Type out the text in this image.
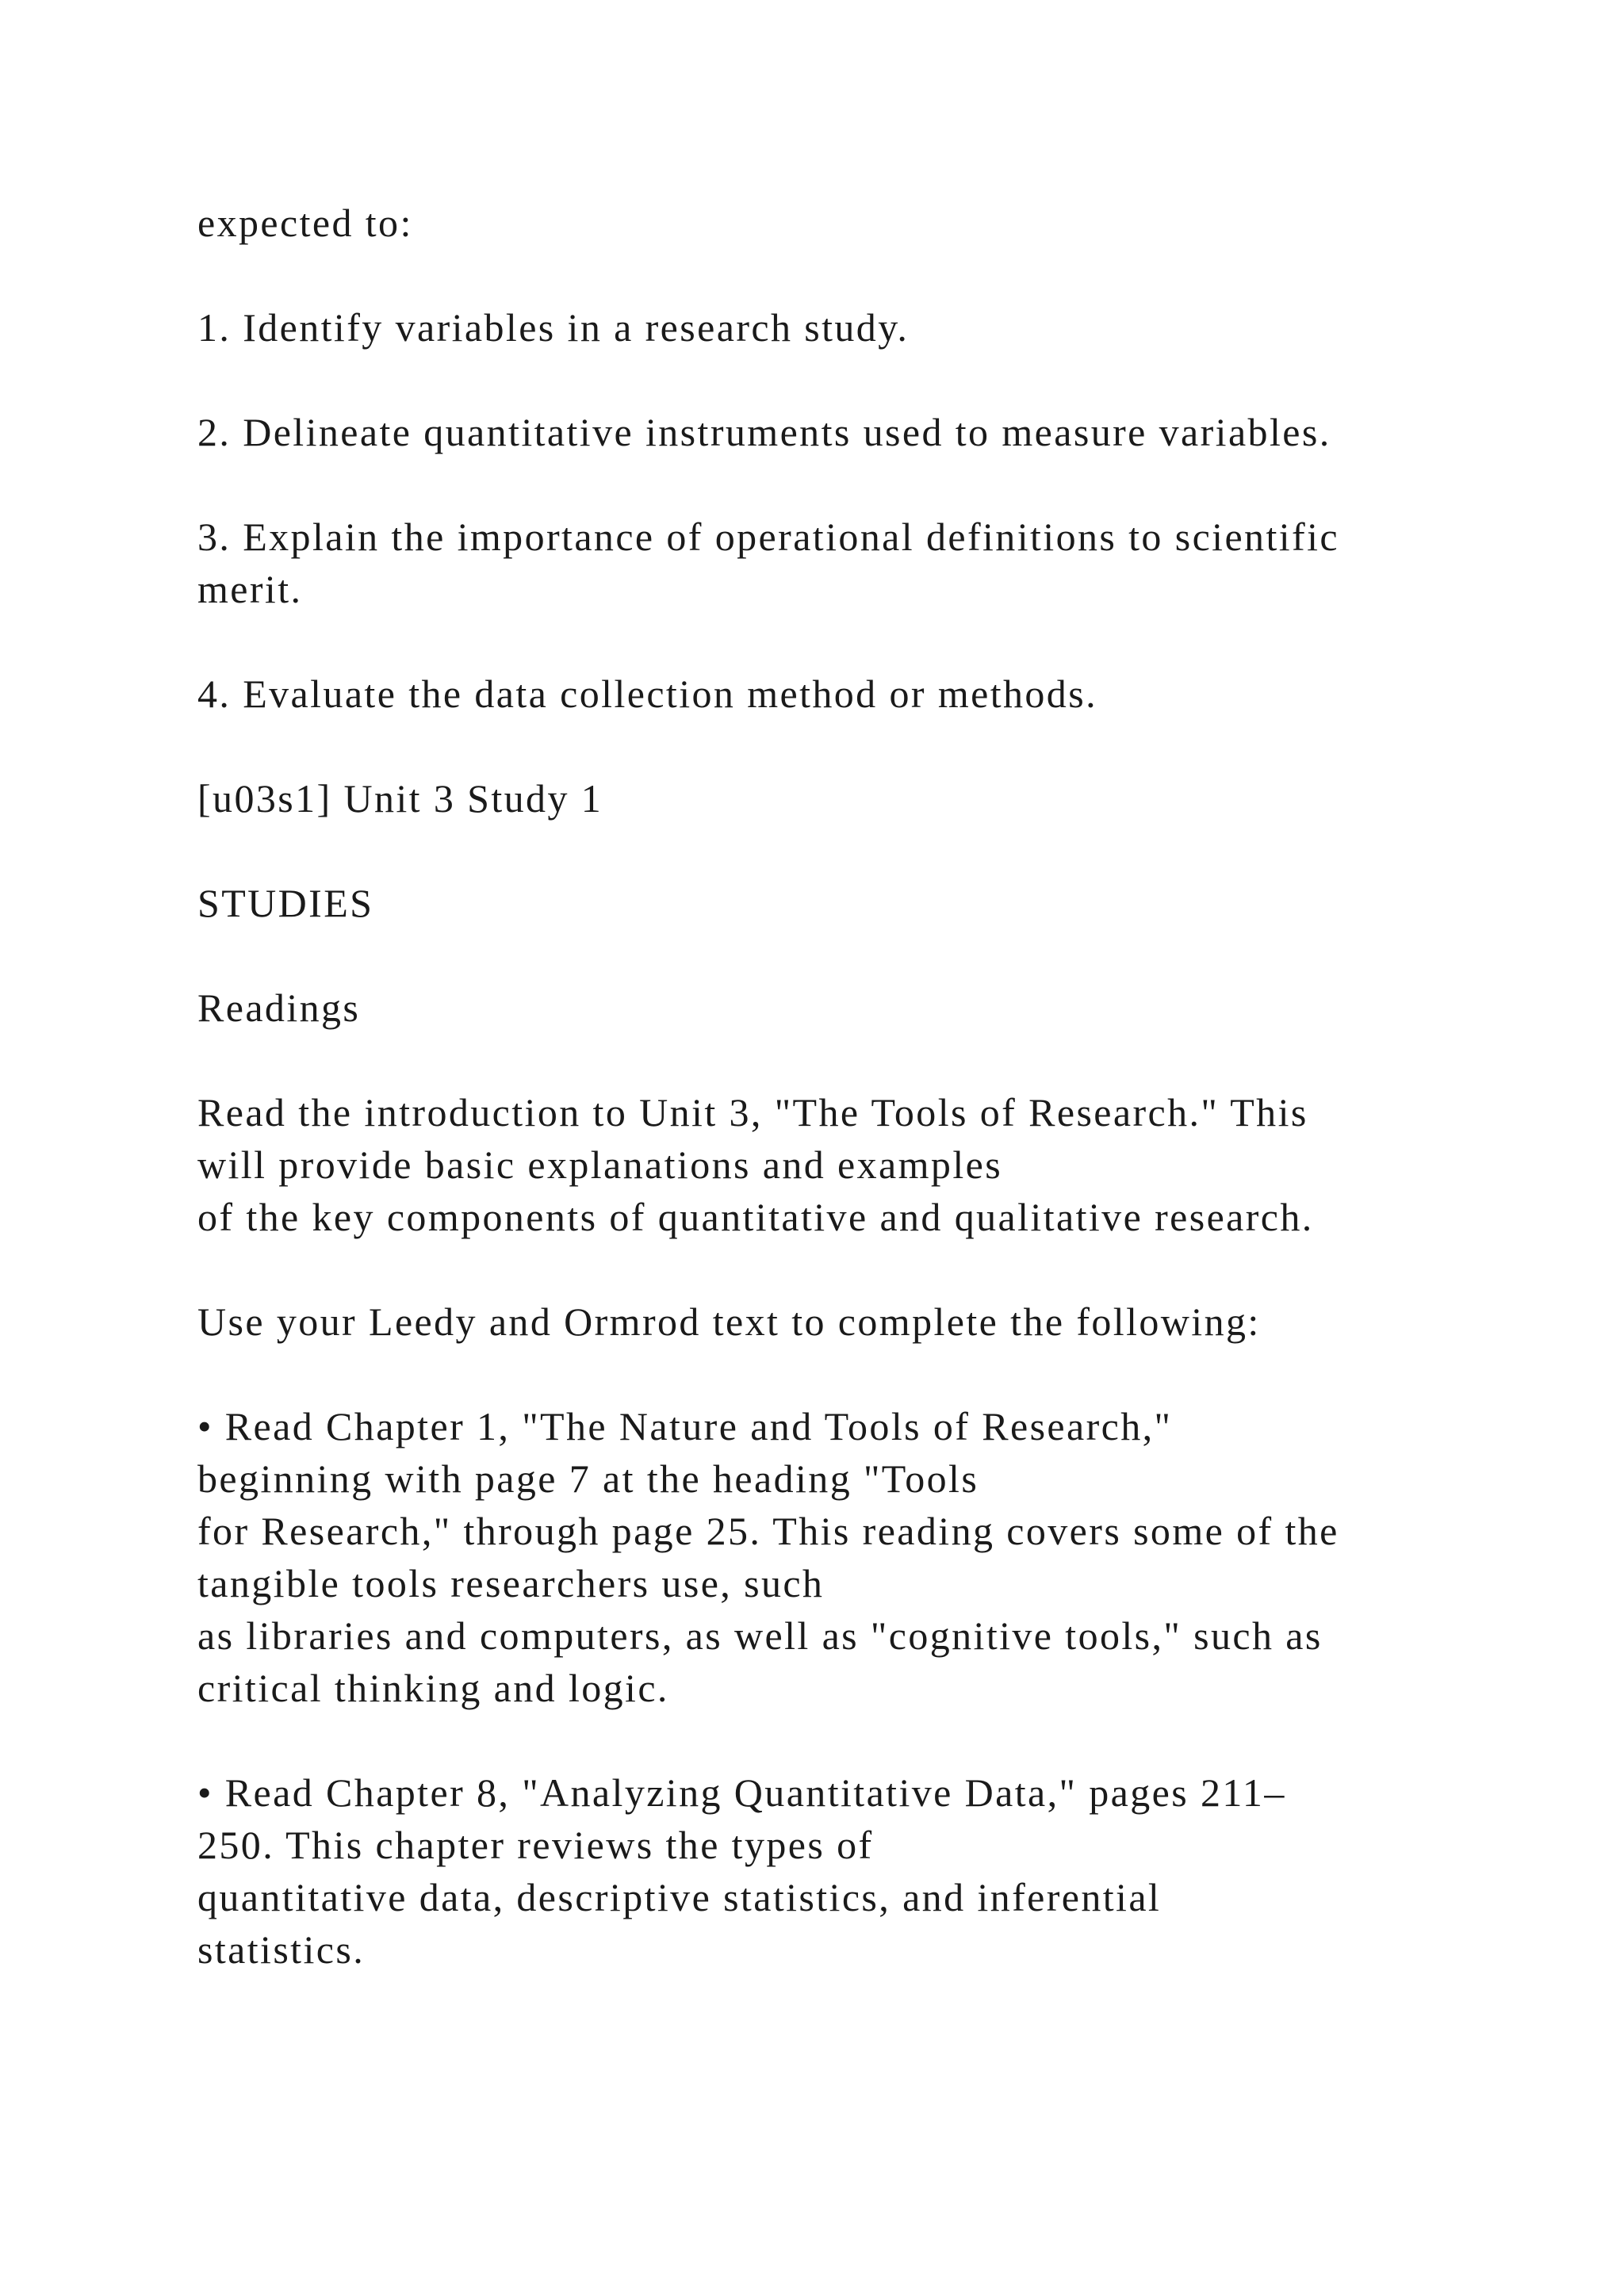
expected to:

1. Identify variables in a research study.

2. Delineate quantitative instruments used to measure variables.

3. Explain the importance of operational definitions to scientific
merit.

4. Evaluate the data collection method or methods.

[u03s1] Unit 3 Study 1

STUDIES

Readings

Read the introduction to Unit 3, "The Tools of Research." This
will provide basic explanations and examples
of the key components of quantitative and qualitative research.

Use your Leedy and Ormrod text to complete the following:

• Read Chapter 1, "The Nature and Tools of Research,"
beginning with page 7 at the heading "Tools
for Research," through page 25. This reading covers some of the
tangible tools researchers use, such
as libraries and computers, as well as "cognitive tools," such as
critical thinking and logic.

• Read Chapter 8, "Analyzing Quantitative Data," pages 211–
250. This chapter reviews the types of
quantitative data, descriptive statistics, and inferential
statistics.
